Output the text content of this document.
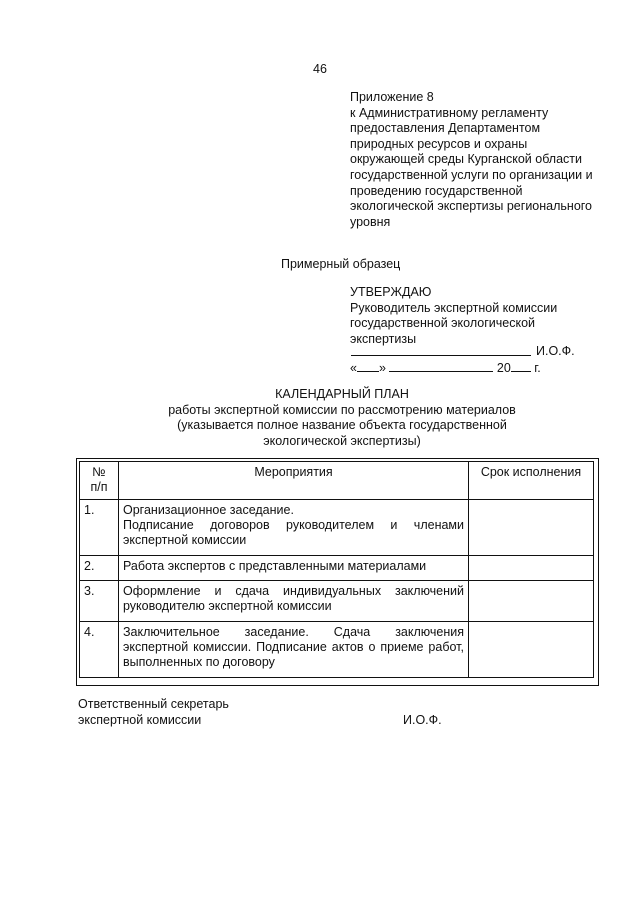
46
Приложение 8
к Административному регламенту
предоставления Департаментом
природных ресурсов и охраны
окружающей среды Курганской области
государственной услуги по организации и
проведению государственной
экологической экспертизы регионального
уровня
Примерный образец
УТВЕРЖДАЮ
Руководитель экспертной комиссии
государственной экологической
экспертизы
И.О.Ф.
« »	20 г.
КАЛЕНДАРНЫЙ ПЛАН
работы экспертной комиссии по рассмотрению материалов
(указывается полное название объекта государственной
экологической экспертизы)
№
п/п	Мероприятия	Срок исполнения
1.	Организационное заседание.
Подписание договоров руководителем и членами
экспертной комиссии	

2.	Работа экспертов с представленными материалами	

3.	Оформление и сдача индивидуальных заключений
руководителю экспертной комиссии	

4.	Заключительное заседание. Сдача заключения
экспертной комиссии. Подписание актов о приеме работ,
выполненных по договору	

Ответственный секретарь
экспертной комиссии	И.О.Ф.
